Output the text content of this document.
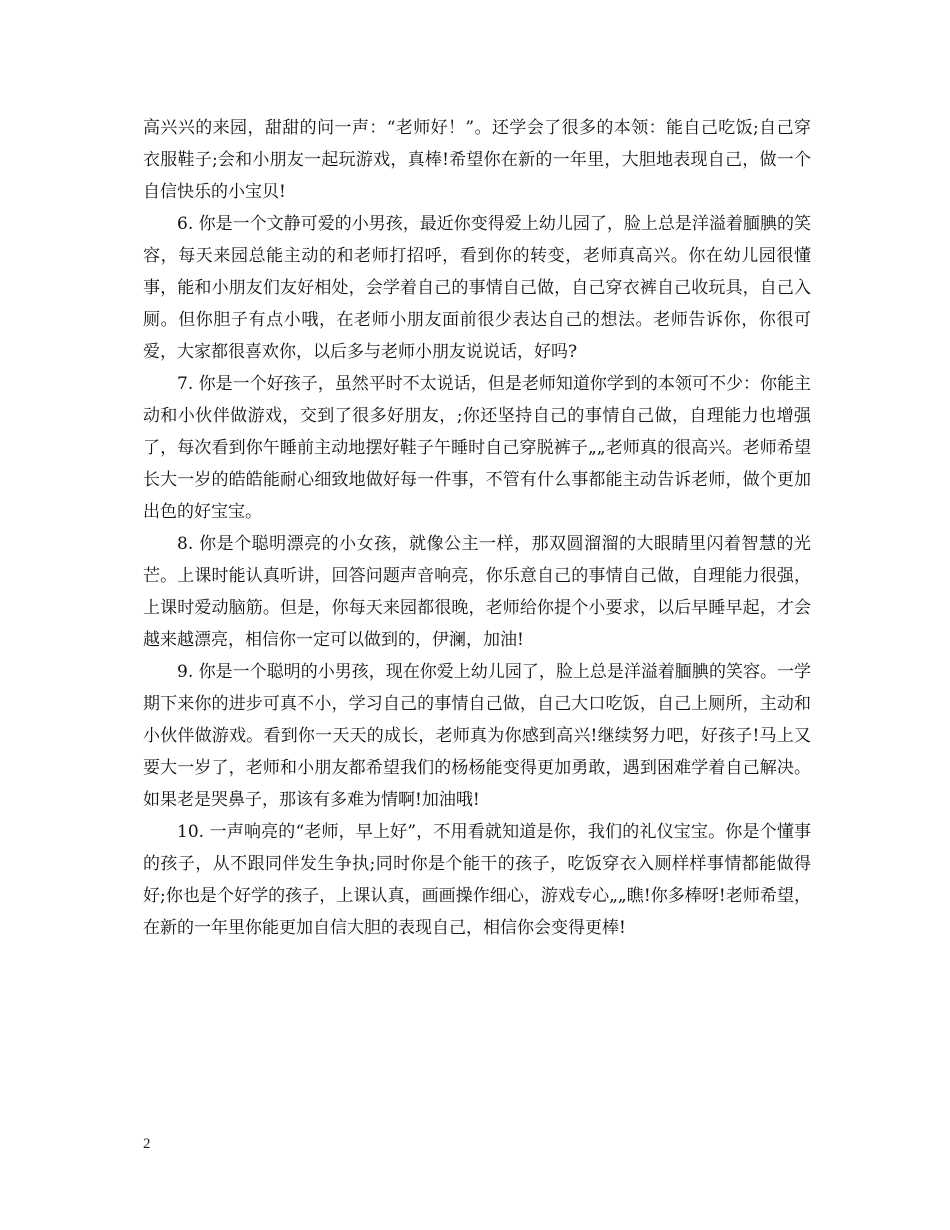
高兴兴的来园，甜甜的问一声：“老师好！”。还学会了很多的本领：能自己吃饭;自己穿衣服鞋子;会和小朋友一起玩游戏，真棒!希望你在新的一年里，大胆地表现自己，做一个自信快乐的小宝贝!

6. 你是一个文静可爱的小男孩，最近你变得爱上幼儿园了，脸上总是洋溢着腼腆的笑容，每天来园总能主动的和老师打招呼，看到你的转变，老师真高兴。你在幼儿园很懂事，能和小朋友们友好相处，会学着自己的事情自己做，自己穿衣裤自己收玩具，自己入厕。但你胆子有点小哦，在老师小朋友面前很少表达自己的想法。老师告诉你，你很可爱，大家都很喜欢你，以后多与老师小朋友说说话，好吗?

7. 你是一个好孩子，虽然平时不太说话，但是老师知道你学到的本领可不少：你能主动和小伙伴做游戏，交到了很多好朋友，;你还坚持自己的事情自己做，自理能力也增强了，每次看到你午睡前主动地摆好鞋子午睡时自己穿脱裤子„„老师真的很高兴。老师希望长大一岁的皓皓能耐心细致地做好每一件事，不管有什么事都能主动告诉老师，做个更加出色的好宝宝。

8. 你是个聪明漂亮的小女孩，就像公主一样，那双圆溜溜的大眼睛里闪着智慧的光芒。上课时能认真听讲，回答问题声音响亮，你乐意自己的事情自己做，自理能力很强，上课时爱动脑筋。但是，你每天来园都很晚，老师给你提个小要求，以后早睡早起，才会越来越漂亮，相信你一定可以做到的，伊澜，加油!

9. 你是一个聪明的小男孩，现在你爱上幼儿园了，脸上总是洋溢着腼腆的笑容。一学期下来你的进步可真不小，学习自己的事情自己做，自己大口吃饭，自己上厕所，主动和小伙伴做游戏。看到你一天天的成长，老师真为你感到高兴!继续努力吧，好孩子!马上又要大一岁了，老师和小朋友都希望我们的杨杨能变得更加勇敢，遇到困难学着自己解决。如果老是哭鼻子，那该有多难为情啊!加油哦!

10. 一声响亮的“老师，早上好”，不用看就知道是你，我们的礼仪宝宝。你是个懂事的孩子，从不跟同伴发生争执;同时你是个能干的孩子，吃饭穿衣入厕样样事情都能做得好;你也是个好学的孩子，上课认真，画画操作细心，游戏专心„„瞧!你多棒呀!老师希望，在新的一年里你能更加自信大胆的表现自己，相信你会变得更棒!

2
